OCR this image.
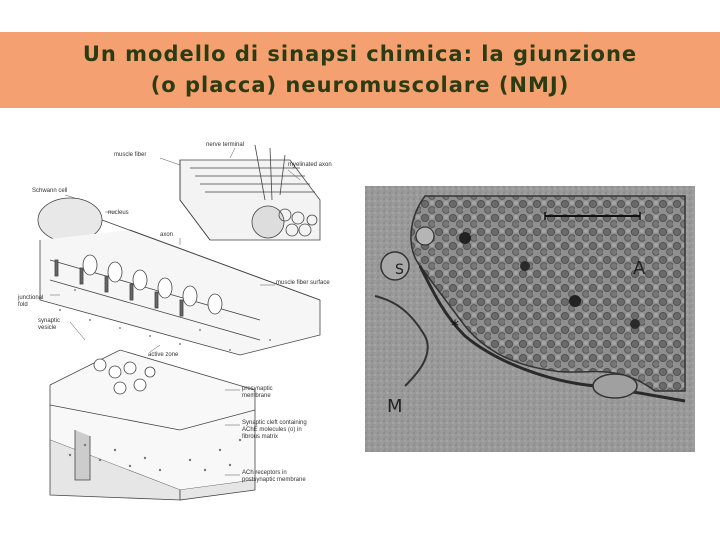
Un modello di sinapsi chimica: la giunzione
(o placca) neuromuscolare (NMJ)
muscle fiber
nerve terminal
myelinated axon
Schwann cell
nucleus
axon
muscle fiber surface
junctional fold
synaptic vesicle
active zone
presynaptic membrane
Synaptic cleft containing AChE molecules (o) in fibrous matrix
ACh receptors in postsynaptic membrane
A
S
M
*
